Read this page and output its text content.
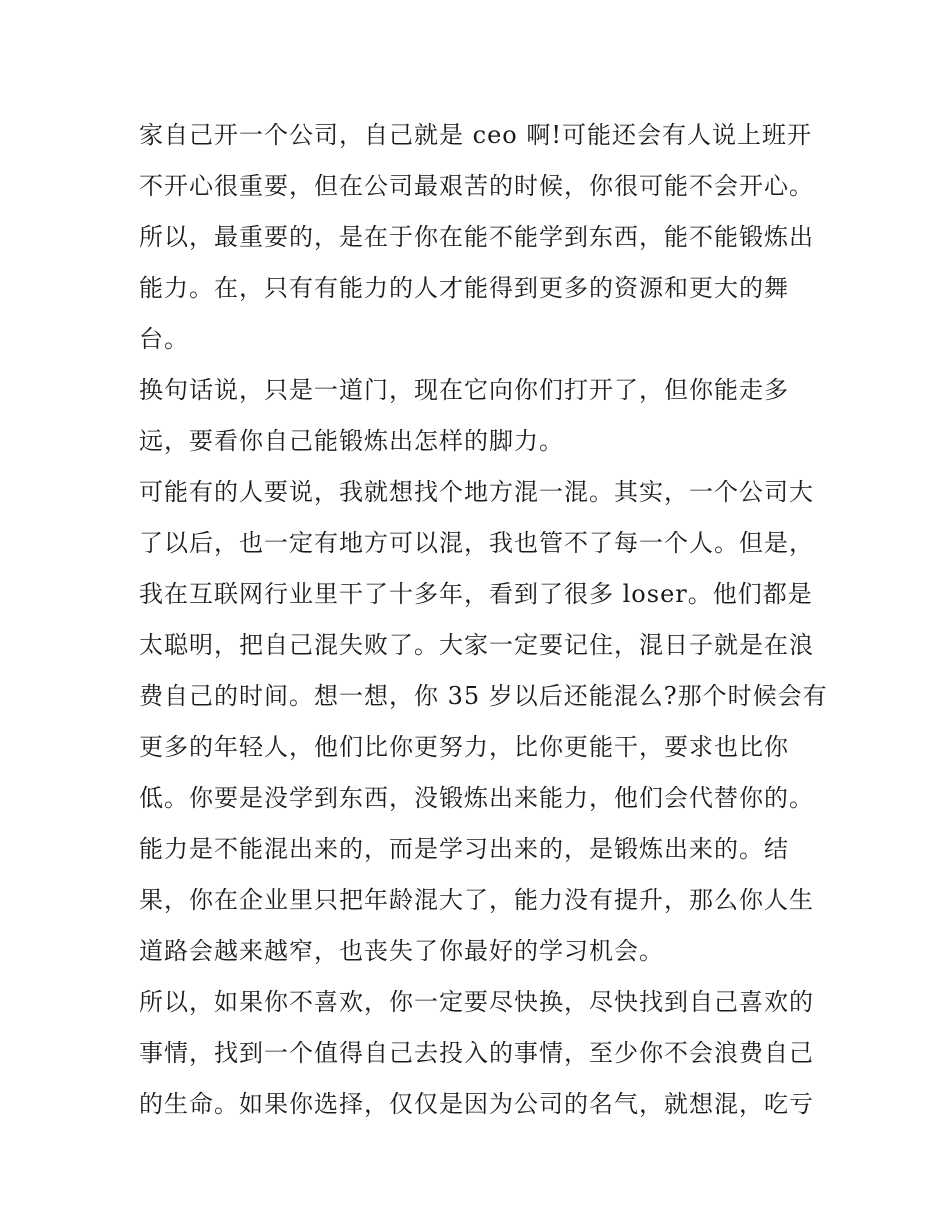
家自己开一个公司，自己就是 ceo 啊!可能还会有人说上班开
不开心很重要，但在公司最艰苦的时候，你很可能不会开心。
所以，最重要的，是在于你在能不能学到东西，能不能锻炼出
能力。在，只有有能力的人才能得到更多的资源和更大的舞
台。
换句话说，只是一道门，现在它向你们打开了，但你能走多
远，要看你自己能锻炼出怎样的脚力。
可能有的人要说，我就想找个地方混一混。其实，一个公司大
了以后，也一定有地方可以混，我也管不了每一个人。但是，
我在互联网行业里干了十多年，看到了很多 loser。他们都是
太聪明，把自己混失败了。大家一定要记住，混日子就是在浪
费自己的时间。想一想，你 35 岁以后还能混么?那个时候会有
更多的年轻人，他们比你更努力，比你更能干，要求也比你
低。你要是没学到东西，没锻炼出来能力，他们会代替你的。
能力是不能混出来的，而是学习出来的，是锻炼出来的。结
果，你在企业里只把年龄混大了，能力没有提升，那么你人生
道路会越来越窄，也丧失了你最好的学习机会。
所以，如果你不喜欢，你一定要尽快换，尽快找到自己喜欢的
事情，找到一个值得自己去投入的事情，至少你不会浪费自己
的生命。如果你选择，仅仅是因为公司的名气，就想混，吃亏
